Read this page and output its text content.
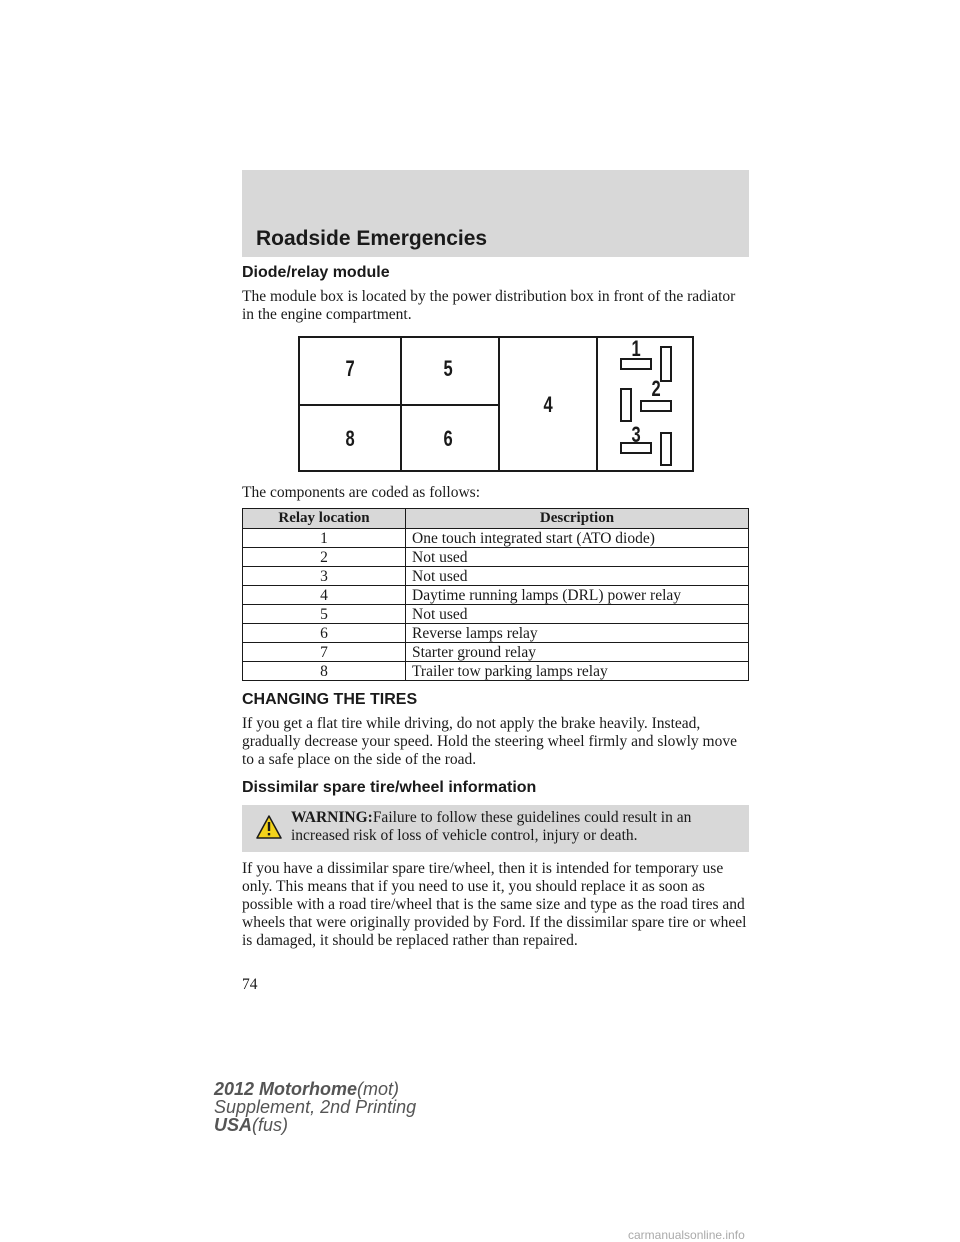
Roadside Emergencies
Diode/relay module

The module box is located by the power distribution box in front of the radiator in the engine compartment.

7	5
4
8	6
1
2
3

The components are coded as follows:

Relay location	Description
1	One touch integrated start (ATO diode)
2	Not used
3	Not used
4	Daytime running lamps (DRL) power relay
5	Not used
6	Reverse lamps relay
7	Starter ground relay
8	Trailer tow parking lamps relay
CHANGING THE TIRES

If you get a flat tire while driving, do not apply the brake heavily. Instead, gradually decrease your speed. Hold the steering wheel firmly and slowly move to a safe place on the side of the road.

Dissimilar spare tire/wheel information
WARNING:Failure to follow these guidelines could result in an increased risk of loss of vehicle control, injury or death.

If you have a dissimilar spare tire/wheel, then it is intended for temporary use only. This means that if you need to use it, you should replace it as soon as possible with a road tire/wheel that is the same size and type as the road tires and wheels that were originally provided by Ford. If the dissimilar spare tire or wheel is damaged, it should be replaced rather than repaired.

74
2012 Motorhome(mot)
Supplement, 2nd Printing
USA(fus)
carmanualsonline.info
